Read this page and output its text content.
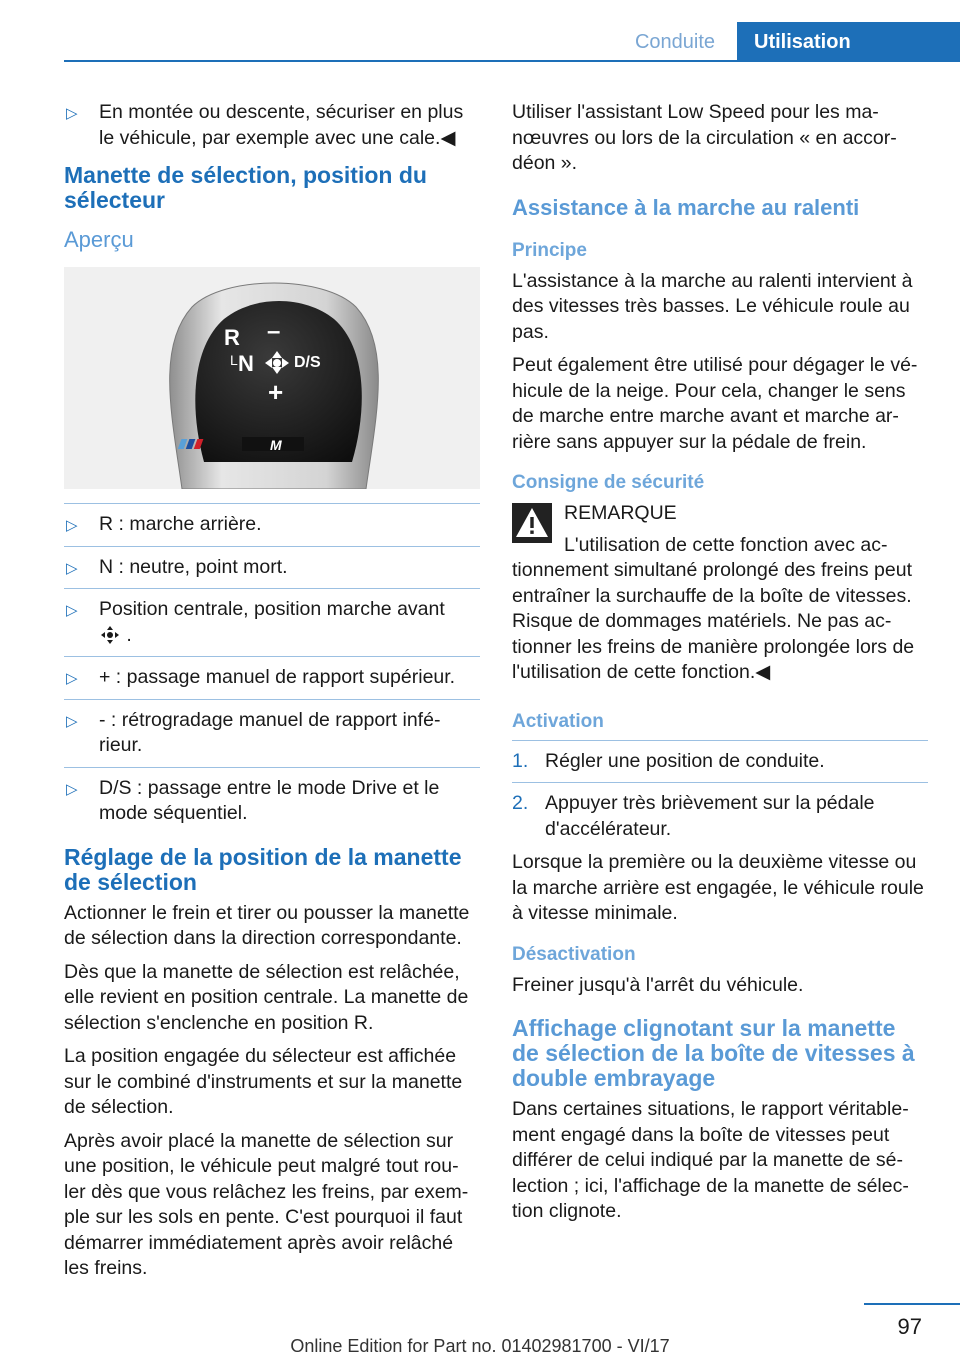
Conduite	Utilisation
▷ En montée ou descente, sécuriser en plus le véhicule, par exemple avec une cale.◀
Manette de sélection, position du sélecteur
Aperçu
R –
L N	D/S
+
M
▷ R : marche arrière.
▷ N : neutre, point mort.
▷ Position centrale, position marche avant
.
▷ + : passage manuel de rapport supérieur.
▷ - : rétrogradage manuel de rapport infé-rieur.
▷ D/S : passage entre le mode Drive et le mode séquentiel.
Réglage de la position de la manette de sélection

Actionner le frein et tirer ou pousser la manette de sélection dans la direction correspondante.

Dès que la manette de sélection est relâchée, elle revient en position centrale. La manette de sélection s'enclenche en position R.

La position engagée du sélecteur est affichée sur le combiné d'instruments et sur la manette de sélection.

Après avoir placé la manette de sélection sur une position, le véhicule peut malgré tout rou-ler dès que vous relâchez les freins, par exem-ple sur les sols en pente. C'est pourquoi il faut démarrer immédiatement après avoir relâché les freins.

Utiliser l'assistant Low Speed pour les ma-nœuvres ou lors de la circulation « en accor-déon ».

Assistance à la marche au ralenti
Principe

L'assistance à la marche au ralenti intervient à des vitesses très basses. Le véhicule roule au pas.

Peut également être utilisé pour dégager le vé-hicule de la neige. Pour cela, changer le sens de marche entre marche avant et marche ar-rière sans appuyer sur la pédale de frein.

Consigne de sécurité
REMARQUE
L'utilisation de cette fonction avec ac-

tionnement simultané prolongé des freins peut entraîner la surchauffe de la boîte de vitesses. Risque de dommages matériels. Ne pas ac-tionner les freins de manière prolongée lors de l'utilisation de cette fonction.◀

Activation
1. Régler une position de conduite.
2. Appuyer très brièvement sur la pédale d'accélérateur.

Lorsque la première ou la deuxième vitesse ou la marche arrière est engagée, le véhicule roule à vitesse minimale.

Désactivation

Freiner jusqu'à l'arrêt du véhicule.

Affichage clignotant sur la manette de sélection de la boîte de vitesses à double embrayage

Dans certaines situations, le rapport véritable-ment engagé dans la boîte de vitesses peut différer de celui indiqué par la manette de sé-lection ; ici, l'affichage de la manette de sélec-tion clignote.

97
Online Edition for Part no. 01402981700 - VI/17
